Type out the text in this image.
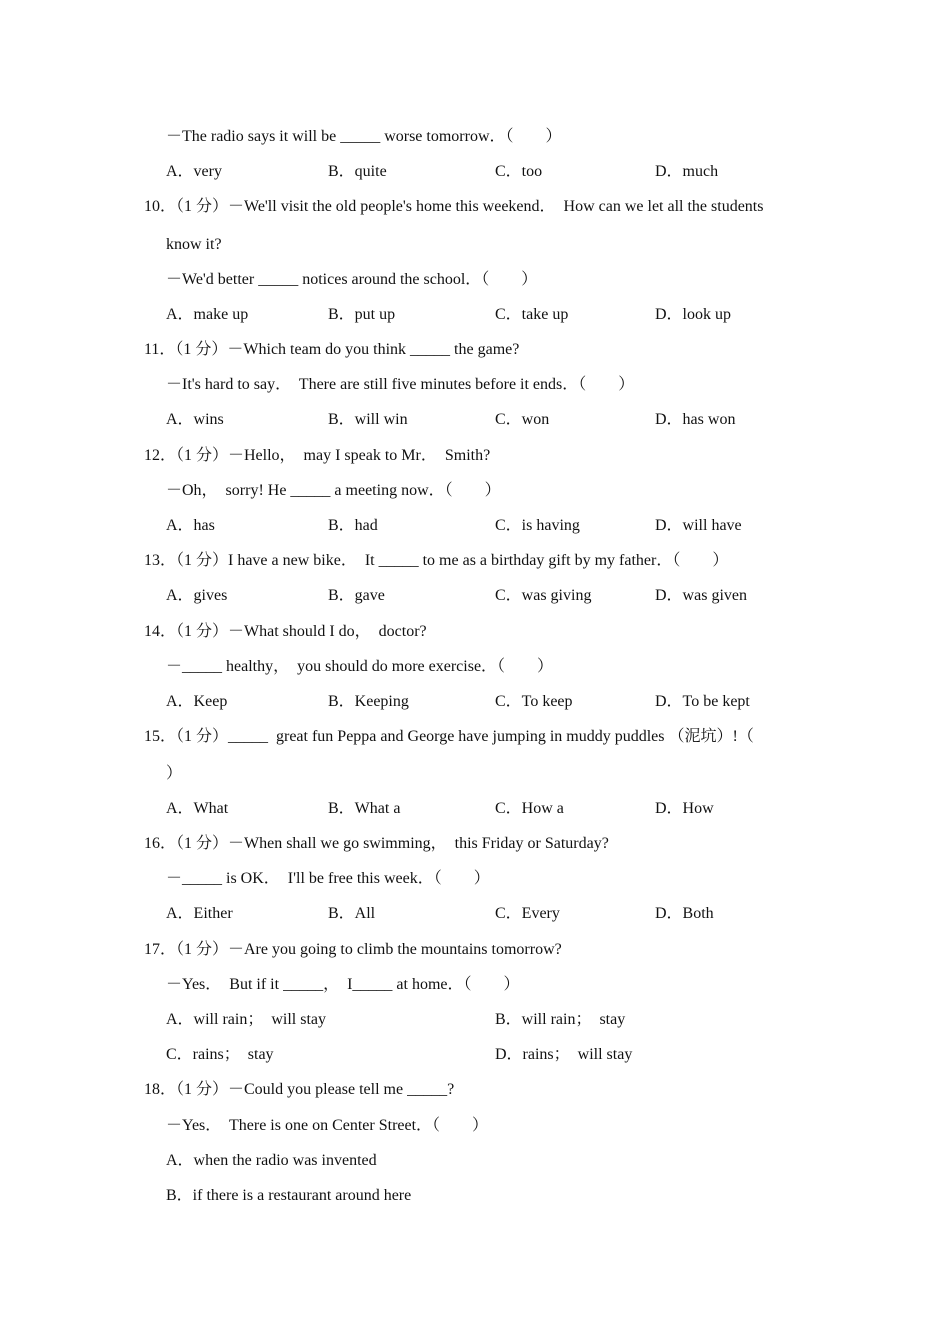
－The radio says it will be _____ worse tomorrow．（　　）
A．very	B．quite	C．too	D．much
10．（1 分）－We'll visit the old people's home this weekend．  How can we let all the students
know it?
－We'd better _____ notices around the school．（　　）
A．make up	B．put up	C．take up	D．look up
11．（1 分）－Which team do you think _____ the game?
－It's hard to say．  There are still five minutes before it ends．（　　）
A．wins	B．will win	C．won	D．has won
12．（1 分）－Hello，  may I speak to Mr．  Smith?
－Oh，  sorry! He _____ a meeting now．（　　）
A．has	B．had	C．is having	D．will have
13．（1 分）I have a new bike．  It _____ to me as a birthday gift by my father．（　　）
A．gives	B．gave	C．was giving	D．was given
14．（1 分）－What should I do，  doctor?
－_____ healthy，  you should do more exercise．（　　）
A．Keep	B．Keeping	C．To keep	D．To be kept
15．（1 分）_____  great fun Peppa and George have jumping in muddy puddles （泥坑）!（
）
A．What	B．What a	C．How a	D．How
16．（1 分）－When shall we go swimming，  this Friday or Saturday?
－_____ is OK．  I'll be free this week．（　　）
A．Either	B．All	C．Every	D．Both
17．（1 分）－Are you going to climb the mountains tomorrow?
－Yes．  But if it _____，  I_____ at home．（　　）
A．will rain；  will stay	B．will rain；  stay
C．rains；  stay	D．rains；  will stay
18．（1 分）－Could you please tell me _____?
－Yes．  There is one on Center Street．（　　）
A．when the radio was invented
B．if there is a restaurant around here
